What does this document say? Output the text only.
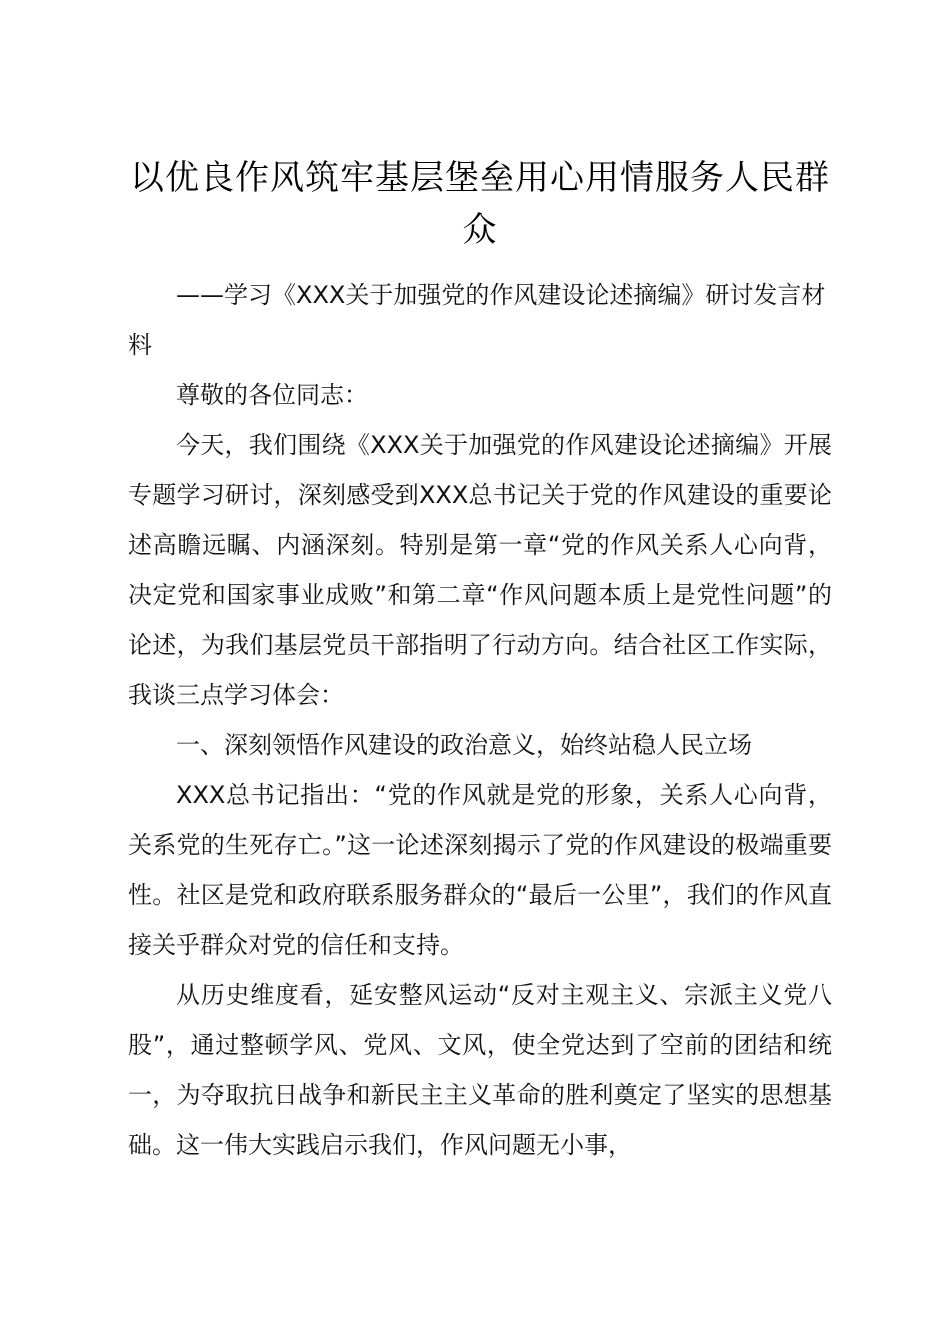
以优良作风筑牢基层堡垒用心用情服务人民群众

——学习《XXX关于加强党的作风建设论述摘编》研讨发言材料

尊敬的各位同志：

今天，我们围绕《XXX关于加强党的作风建设论述摘编》开展专题学习研讨，深刻感受到XXX总书记关于党的作风建设的重要论述高瞻远瞩、内涵深刻。特别是第一章“党的作风关系人心向背，决定党和国家事业成败”和第二章“作风问题本质上是党性问题”的论述，为我们基层党员干部指明了行动方向。结合社区工作实际，我谈三点学习体会：

一、深刻领悟作风建设的政治意义，始终站稳人民立场

XXX总书记指出：“党的作风就是党的形象，关系人心向背，关系党的生死存亡。”这一论述深刻揭示了党的作风建设的极端重要性。社区是党和政府联系服务群众的“最后一公里”，我们的作风直接关乎群众对党的信任和支持。

从历史维度看，延安整风运动“反对主观主义、宗派主义党八股”，通过整顿学风、党风、文风，使全党达到了空前的团结和统一，为夺取抗日战争和新民主主义革命的胜利奠定了坚实的思想基础。这一伟大实践启示我们，作风问题无小事，
